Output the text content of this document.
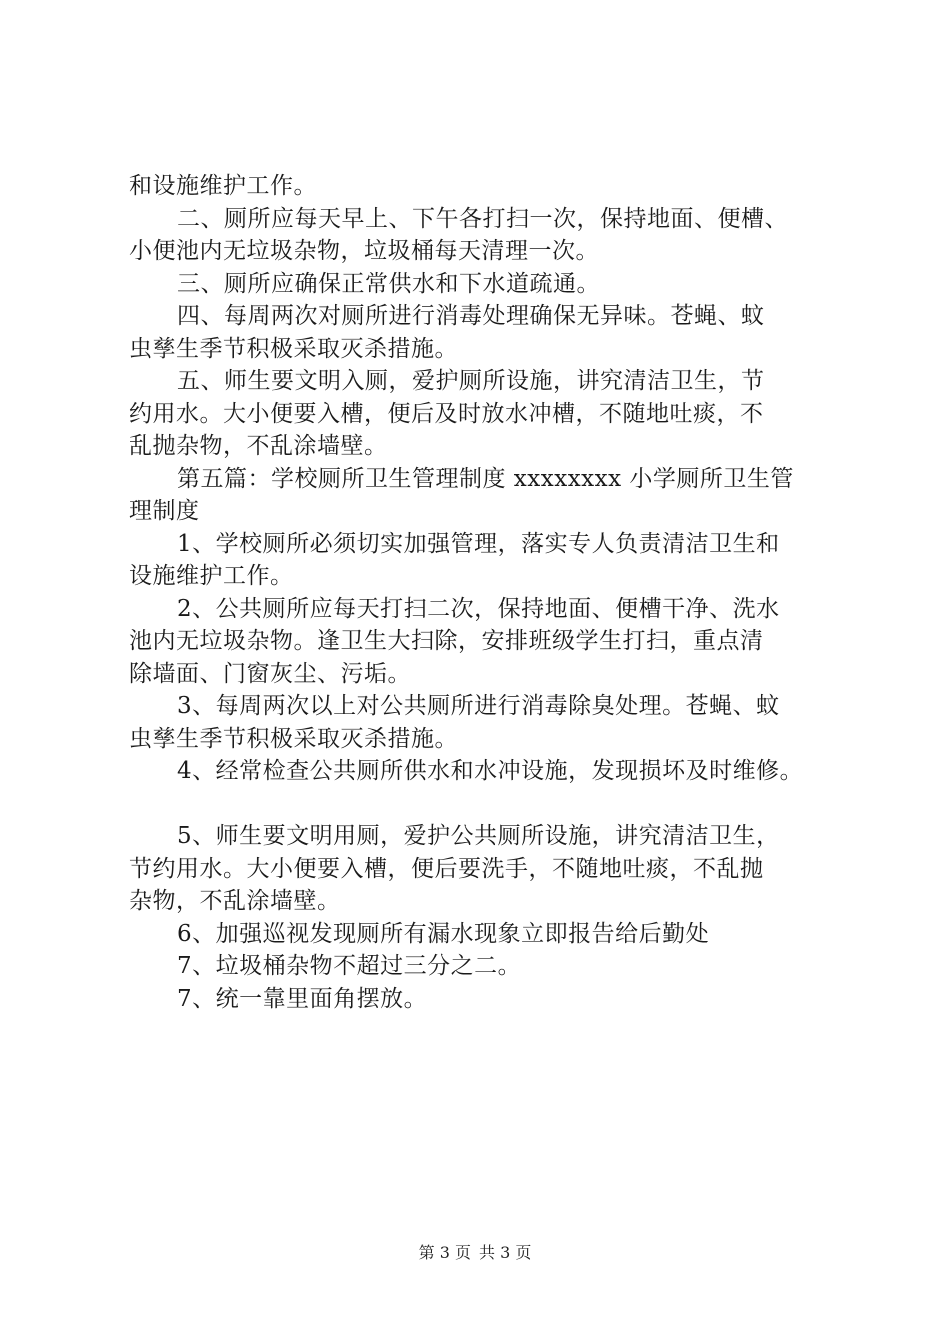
和设施维护工作。
二、厕所应每天早上、下午各打扫一次，保持地面、便槽、
小便池内无垃圾杂物，垃圾桶每天清理一次。
三、厕所应确保正常供水和下水道疏通。
四、每周两次对厕所进行消毒处理确保无异味。苍蝇、蚊
虫孳生季节积极采取灭杀措施。
五、师生要文明入厕，爱护厕所设施，讲究清洁卫生，节
约用水。大小便要入槽，便后及时放水冲槽，不随地吐痰，不
乱抛杂物，不乱涂墙壁。
第五篇：学校厕所卫生管理制度 xxxxxxxx 小学厕所卫生管
理制度
1、学校厕所必须切实加强管理，落实专人负责清洁卫生和
设施维护工作。
2、公共厕所应每天打扫二次，保持地面、便槽干净、洗水
池内无垃圾杂物。逢卫生大扫除，安排班级学生打扫，重点清
除墙面、门窗灰尘、污垢。
3、每周两次以上对公共厕所进行消毒除臭处理。苍蝇、蚊
虫孳生季节积极采取灭杀措施。
4、经常检查公共厕所供水和水冲设施，发现损坏及时维修。
5、师生要文明用厕，爱护公共厕所设施，讲究清洁卫生，
节约用水。大小便要入槽，便后要洗手，不随地吐痰，不乱抛
杂物，不乱涂墙壁。
6、加强巡视发现厕所有漏水现象立即报告给后勤处
7、垃圾桶杂物不超过三分之二。
7、统一靠里面角摆放。
第 3 页 共 3 页
